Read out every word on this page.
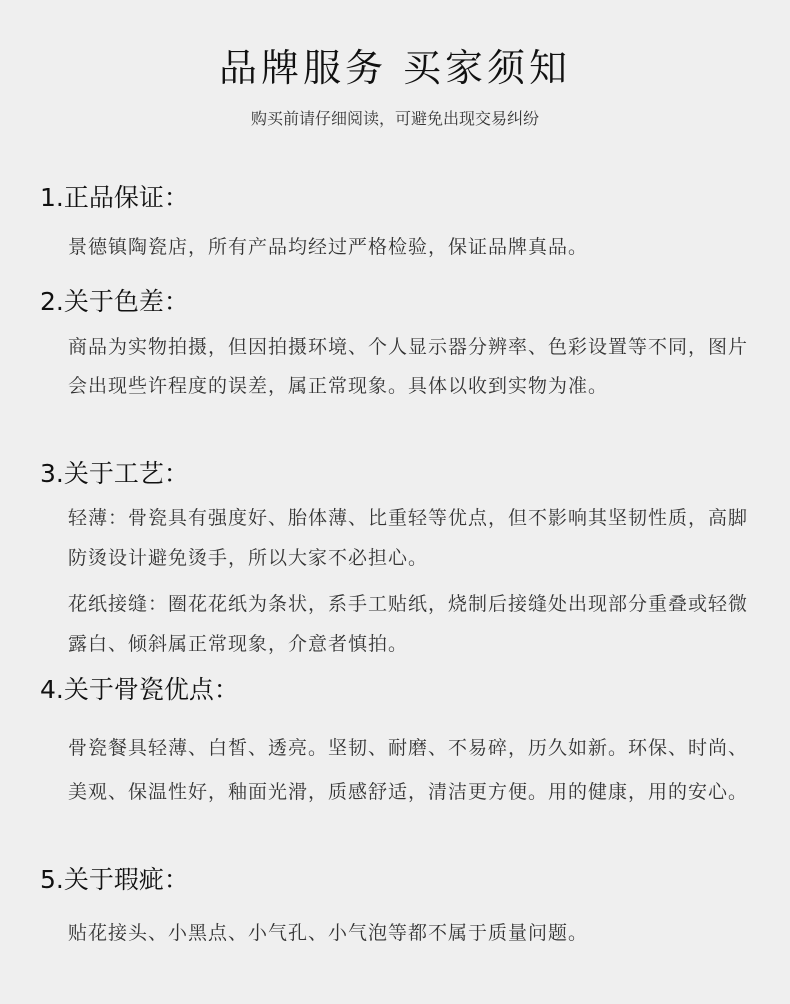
品牌服务 买家须知
购买前请仔细阅读，可避免出现交易纠纷
1.正品保证：

景德镇陶瓷店，所有产品均经过严格检验，保证品牌真品。

2.关于色差：

商品为实物拍摄，但因拍摄环境、个人显示器分辨率、色彩设置等不同，图片会出现些许程度的误差，属正常现象。具体以收到实物为准。

3.关于工艺：

轻薄：骨瓷具有强度好、胎体薄、比重轻等优点，但不影响其坚韧性质，高脚防烫设计避免烫手，所以大家不必担心。

花纸接缝：圈花花纸为条状，系手工贴纸，烧制后接缝处出现部分重叠或轻微露白、倾斜属正常现象，介意者慎拍。

4.关于骨瓷优点：

骨瓷餐具轻薄、白皙、透亮。坚韧、耐磨、不易碎，历久如新。环保、时尚、美观、保温性好，釉面光滑，质感舒适，清洁更方便。用的健康，用的安心。

5.关于瑕疵：

贴花接头、小黑点、小气孔、小气泡等都不属于质量问题。
